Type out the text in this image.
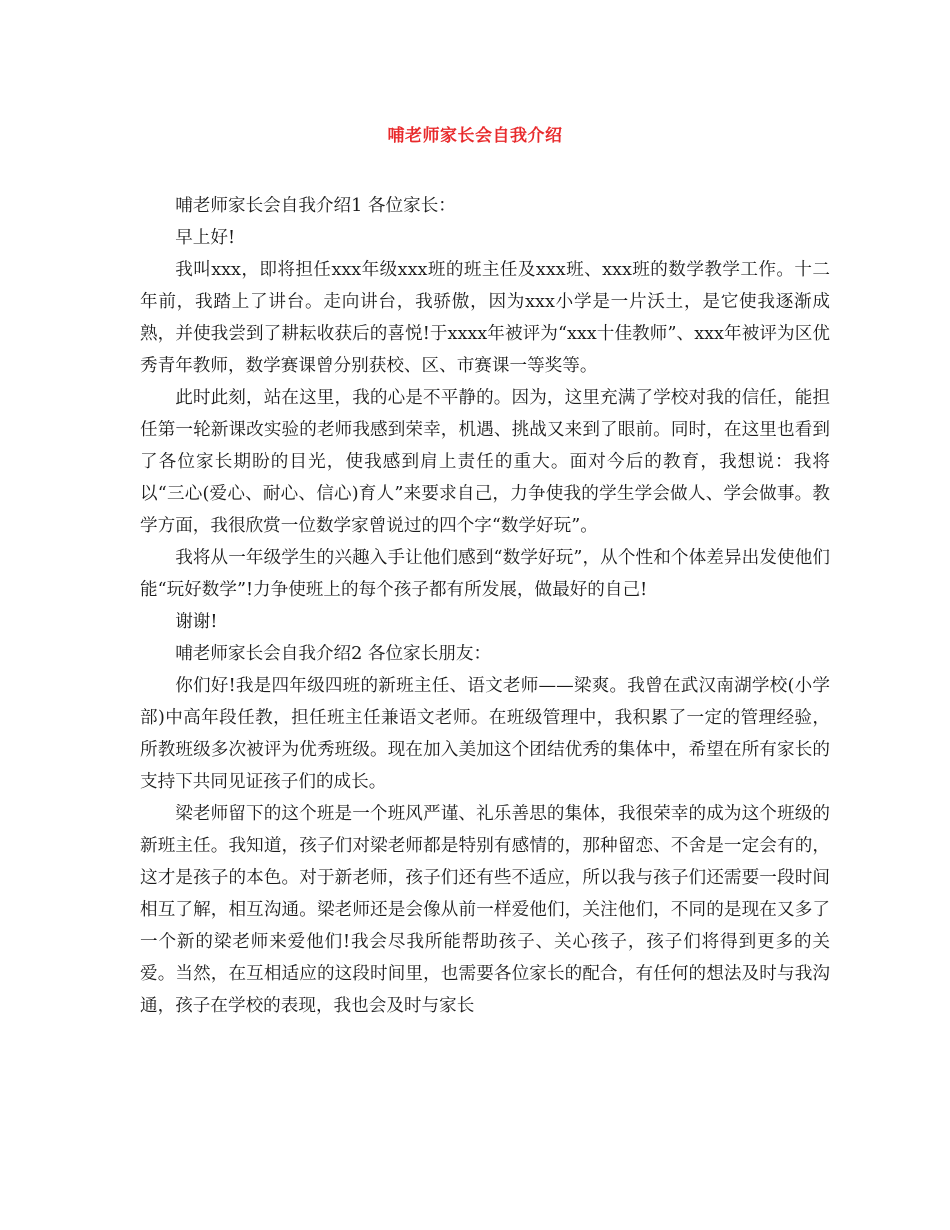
哺老师家长会自我介绍

哺老师家长会自我介绍1 各位家长：

早上好!

我叫xxx，即将担任xxx年级xxx班的班主任及xxx班、xxx班的数学教学工作。十二年前，我踏上了讲台。走向讲台，我骄傲，因为xxx小学是一片沃土，是它使我逐渐成熟，并使我尝到了耕耘收获后的喜悦!于xxxx年被评为“xxx十佳教师”、xxx年被评为区优秀青年教师，数学赛课曾分别获校、区、市赛课一等奖等。

此时此刻，站在这里，我的心是不平静的。因为，这里充满了学校对我的信任，能担任第一轮新课改实验的老师我感到荣幸，机遇、挑战又来到了眼前。同时，在这里也看到了各位家长期盼的目光，使我感到肩上责任的重大。面对今后的教育，我想说：我将以“三心(爱心、耐心、信心)育人”来要求自己，力争使我的学生学会做人、学会做事。教学方面，我很欣赏一位数学家曾说过的四个字“数学好玩”。

我将从一年级学生的兴趣入手让他们感到“数学好玩”，从个性和个体差异出发使他们能“玩好数学”!力争使班上的每个孩子都有所发展，做最好的自己!

谢谢!

哺老师家长会自我介绍2 各位家长朋友：

你们好!我是四年级四班的新班主任、语文老师——梁爽。我曾在武汉南湖学校(小学部)中高年段任教，担任班主任兼语文老师。在班级管理中，我积累了一定的管理经验，所教班级多次被评为优秀班级。现在加入美加这个团结优秀的集体中，希望在所有家长的支持下共同见证孩子们的成长。

梁老师留下的这个班是一个班风严谨、礼乐善思的集体，我很荣幸的成为这个班级的新班主任。我知道，孩子们对梁老师都是特别有感情的，那种留恋、不舍是一定会有的，这才是孩子的本色。对于新老师，孩子们还有些不适应，所以我与孩子们还需要一段时间相互了解，相互沟通。梁老师还是会像从前一样爱他们，关注他们，不同的是现在又多了一个新的梁老师来爱他们!我会尽我所能帮助孩子、关心孩子，孩子们将得到更多的关爱。当然，在互相适应的这段时间里，也需要各位家长的配合，有任何的想法及时与我沟通，孩子在学校的表现，我也会及时与家长
